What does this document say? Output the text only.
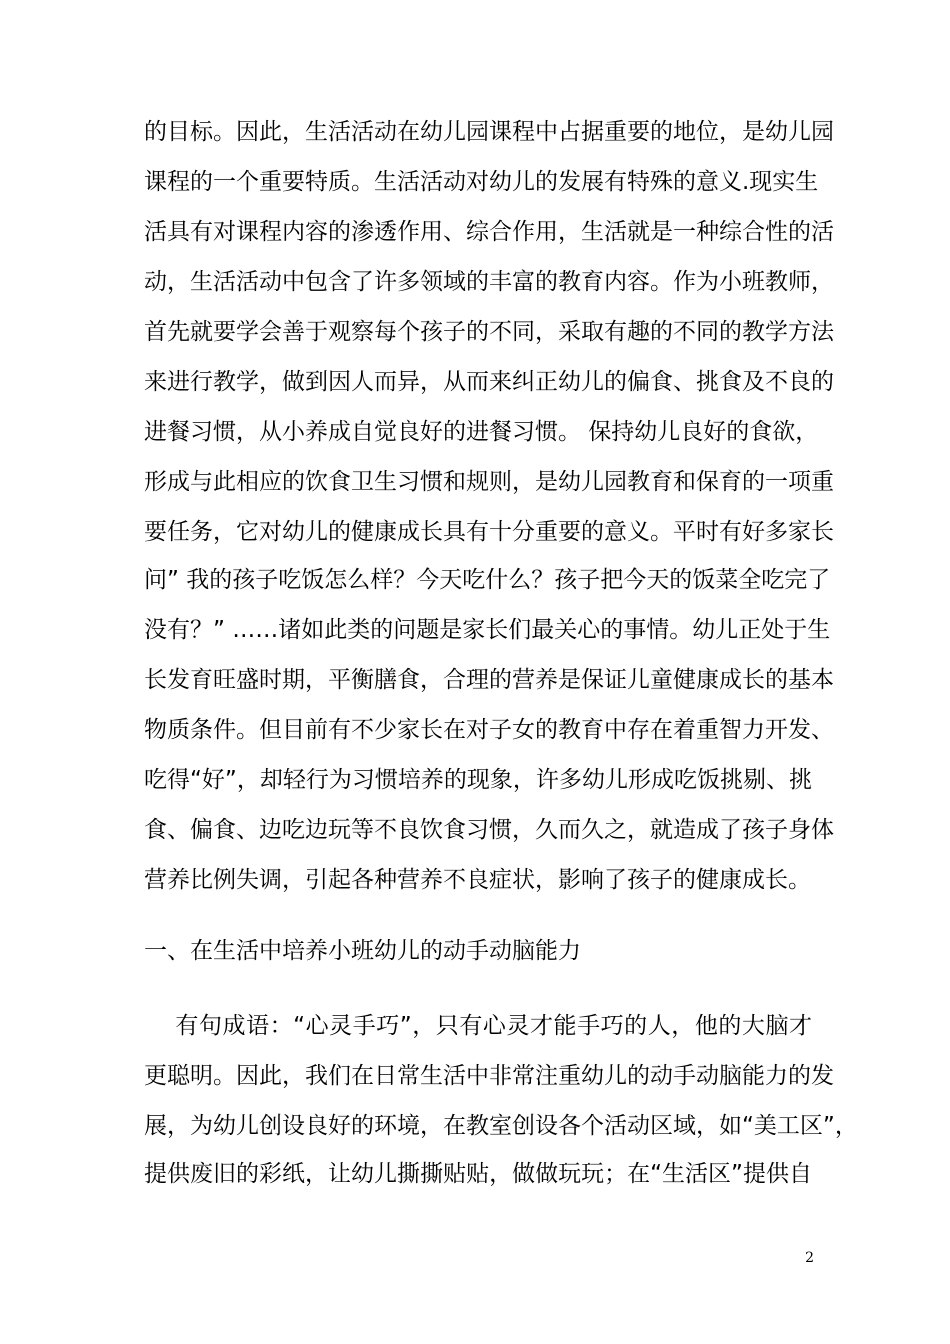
的目标。因此，生活活动在幼儿园课程中占据重要的地位，是幼儿园
课程的一个重要特质。生活活动对幼儿的发展有特殊的意义.现实生
活具有对课程内容的渗透作用、综合作用，生活就是一种综合性的活
动，生活活动中包含了许多领域的丰富的教育内容。作为小班教师，
首先就要学会善于观察每个孩子的不同，采取有趣的不同的教学方法
来进行教学，做到因人而异，从而来纠正幼儿的偏食、挑食及不良的
进餐习惯，从小养成自觉良好的进餐习惯。 保持幼儿良好的食欲，
形成与此相应的饮食卫生习惯和规则，是幼儿园教育和保育的一项重
要任务，它对幼儿的健康成长具有十分重要的意义。平时有好多家长
问” 我的孩子吃饭怎么样？今天吃什么？孩子把今天的饭菜全吃完了
没有？” ……诸如此类的问题是家长们最关心的事情。幼儿正处于生
长发育旺盛时期，平衡膳食，合理的营养是保证儿童健康成长的基本
物质条件。但目前有不少家长在对子女的教育中存在着重智力开发、
吃得“好”，却轻行为习惯培养的现象，许多幼儿形成吃饭挑剔、挑
食、偏食、边吃边玩等不良饮食习惯，久而久之，就造成了孩子身体
营养比例失调，引起各种营养不良症状，影响了孩子的健康成长。
一、在生活中培养小班幼儿的动手动脑能力
有句成语：“心灵手巧”，只有心灵才能手巧的人，他的大脑才
更聪明。因此，我们在日常生活中非常注重幼儿的动手动脑能力的发
展，为幼儿创设良好的环境，在教室创设各个活动区域，如“美工区”，
提供废旧的彩纸，让幼儿撕撕贴贴，做做玩玩；在“生活区”提供自
2
